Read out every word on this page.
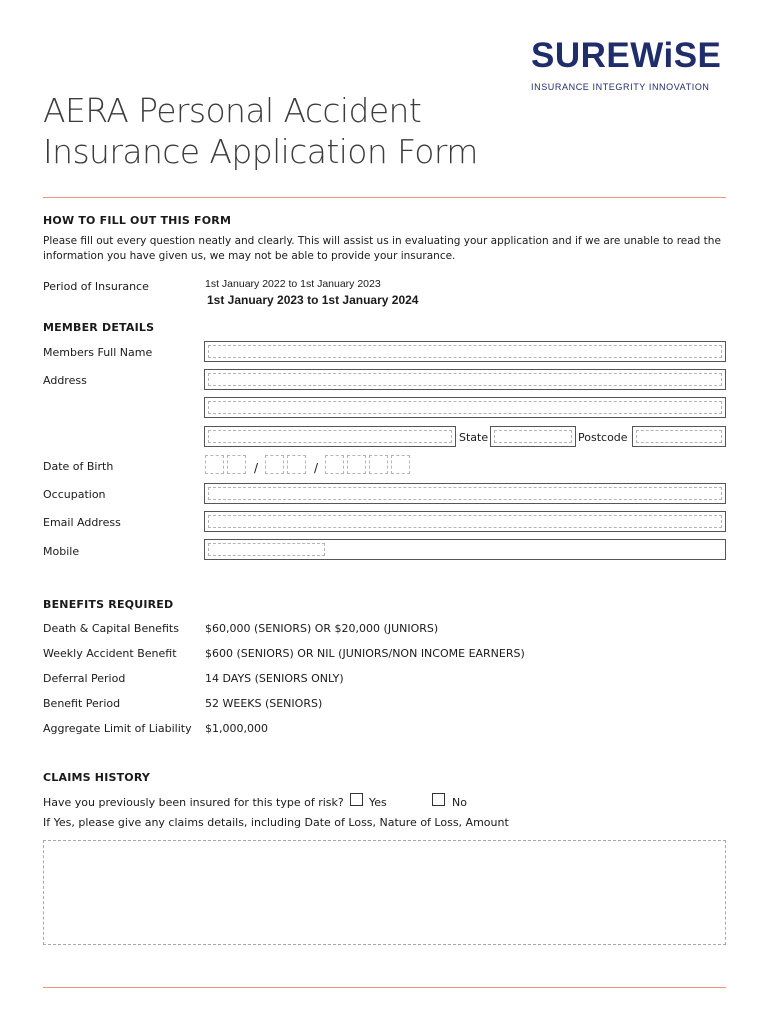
SUREWiSE
INSURANCE INTEGRITY INNOVATION
AERA Personal Accident
Insurance Application Form
HOW TO FILL OUT THIS FORM
Please fill out every question neatly and clearly. This will assist us in evaluating your application and if we are unable to read the information you have given us, we may not be able to provide your insurance.
Period of Insurance	1st January 2022 to 1st January 2023
1st January 2023 to 1st January 2024
MEMBER DETAILS
Members Full Name
Address
State	Postcode
Date of Birth	/	/
Occupation
Email Address
Mobile
BENEFITS REQUIRED
Death & Capital Benefits $60,000 (SENIORS) OR $20,000 (JUNIORS)
Weekly Accident Benefit	$600 (SENIORS) OR NIL (JUNIORS/NON INCOME EARNERS)
Deferral Period	14 DAYS (SENIORS ONLY)
Benefit Period	52 WEEKS (SENIORS)
Aggregate Limit of Liability $1,000,000
CLAIMS HISTORY
Have you previously been insured for this type of risk? Yes	No
If Yes, please give any claims details, including Date of Loss, Nature of Loss, Amount
